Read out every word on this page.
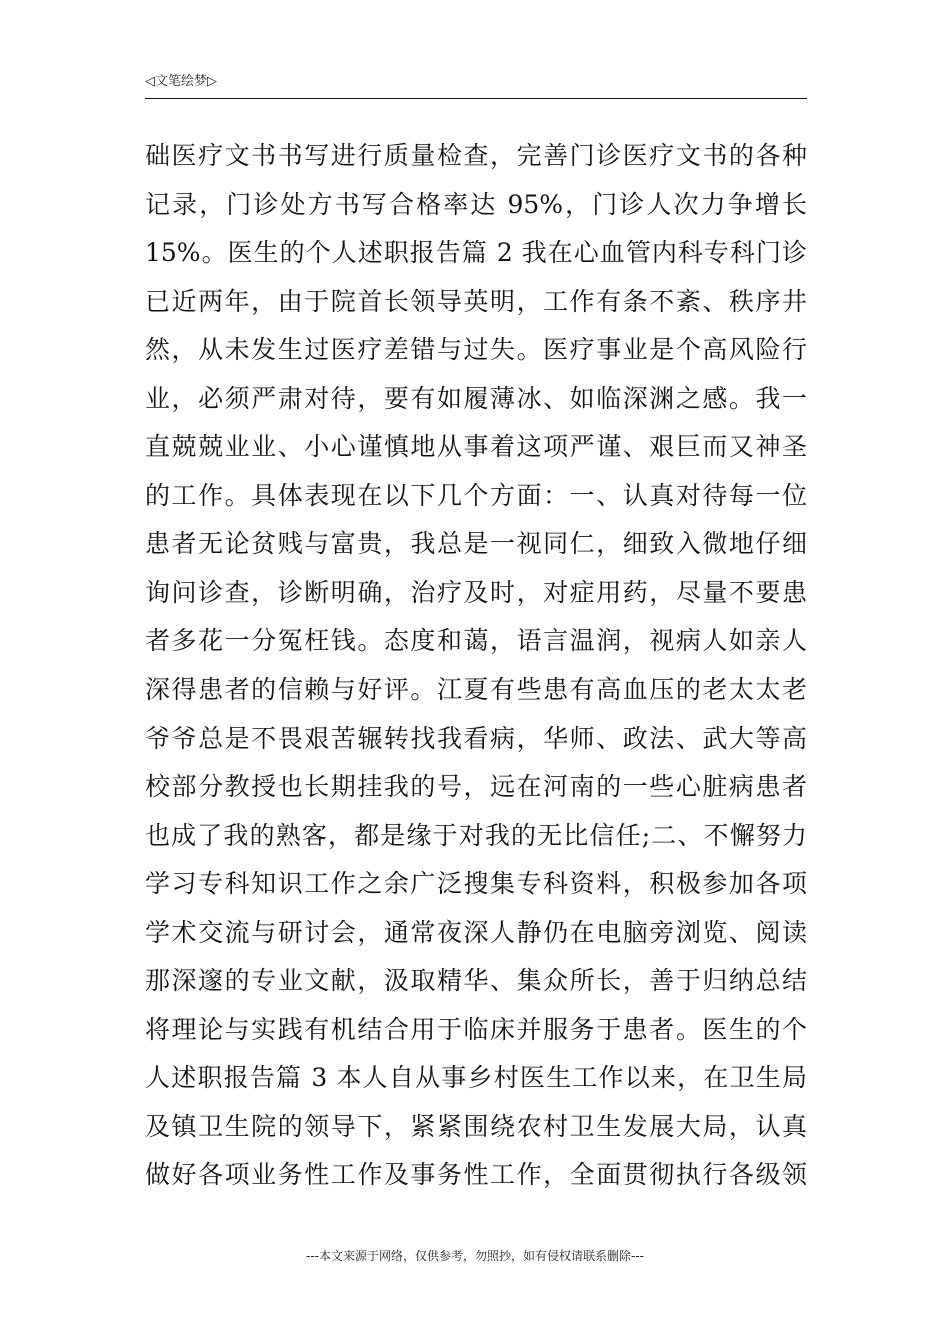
◁文笔绘梦▷
础医疗文书书写进行质量检查，完善门诊医疗文书的各种
记录，门诊处方书写合格率达 95%，门诊人次力争增长
15%。医生的个人述职报告篇 2 我在心血管内科专科门诊
已近两年，由于院首长领导英明，工作有条不紊、秩序井
然，从未发生过医疗差错与过失。医疗事业是个高风险行
业，必须严肃对待，要有如履薄冰、如临深渊之感。我一
直兢兢业业、小心谨慎地从事着这项严谨、艰巨而又神圣
的工作。具体表现在以下几个方面：一、认真对待每一位
患者无论贫贱与富贵，我总是一视同仁，细致入微地仔细
询问诊查，诊断明确，治疗及时，对症用药，尽量不要患
者多花一分冤枉钱。态度和蔼，语言温润，视病人如亲人
深得患者的信赖与好评。江夏有些患有高血压的老太太老
爷爷总是不畏艰苦辗转找我看病，华师、政法、武大等高
校部分教授也长期挂我的号，远在河南的一些心脏病患者
也成了我的熟客，都是缘于对我的无比信任;二、不懈努力
学习专科知识工作之余广泛搜集专科资料，积极参加各项
学术交流与研讨会，通常夜深人静仍在电脑旁浏览、阅读
那深邃的专业文献，汲取精华、集众所长，善于归纳总结
将理论与实践有机结合用于临床并服务于患者。医生的个
人述职报告篇 3 本人自从事乡村医生工作以来，在卫生局
及镇卫生院的领导下，紧紧围绕农村卫生发展大局，认真
做好各项业务性工作及事务性工作，全面贯彻执行各级领
---本文来源于网络，仅供参考，勿照抄，如有侵权请联系删除---
